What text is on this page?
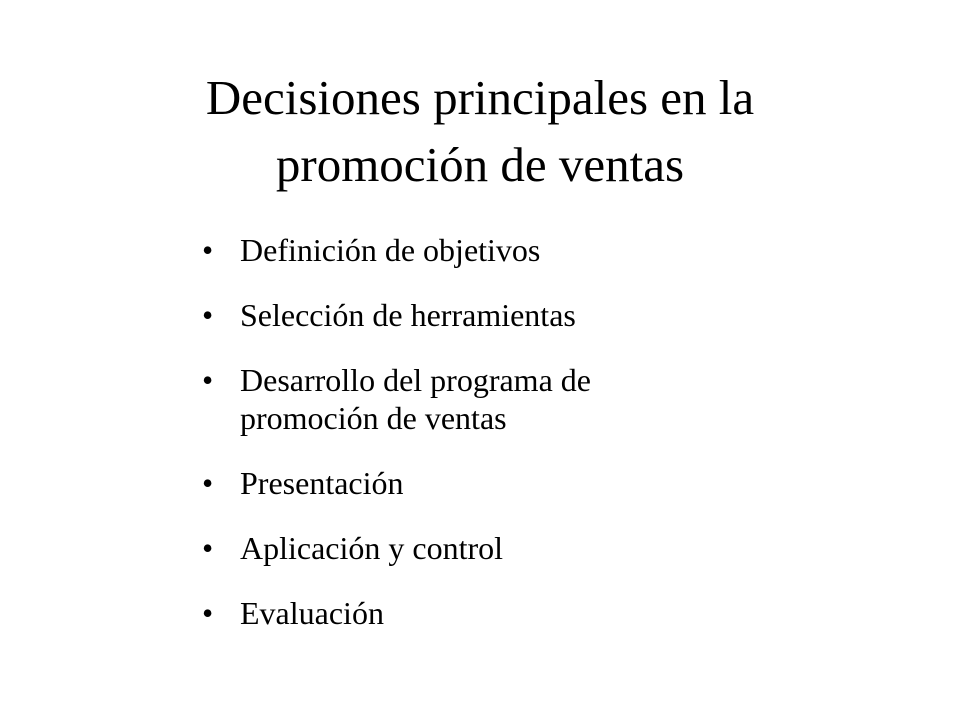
Decisiones principales en la
promoción de ventas
• Definición de objetivos
• Selección de herramientas
• Desarrollo del programa de
promoción de ventas
• Presentación
• Aplicación y control
• Evaluación
